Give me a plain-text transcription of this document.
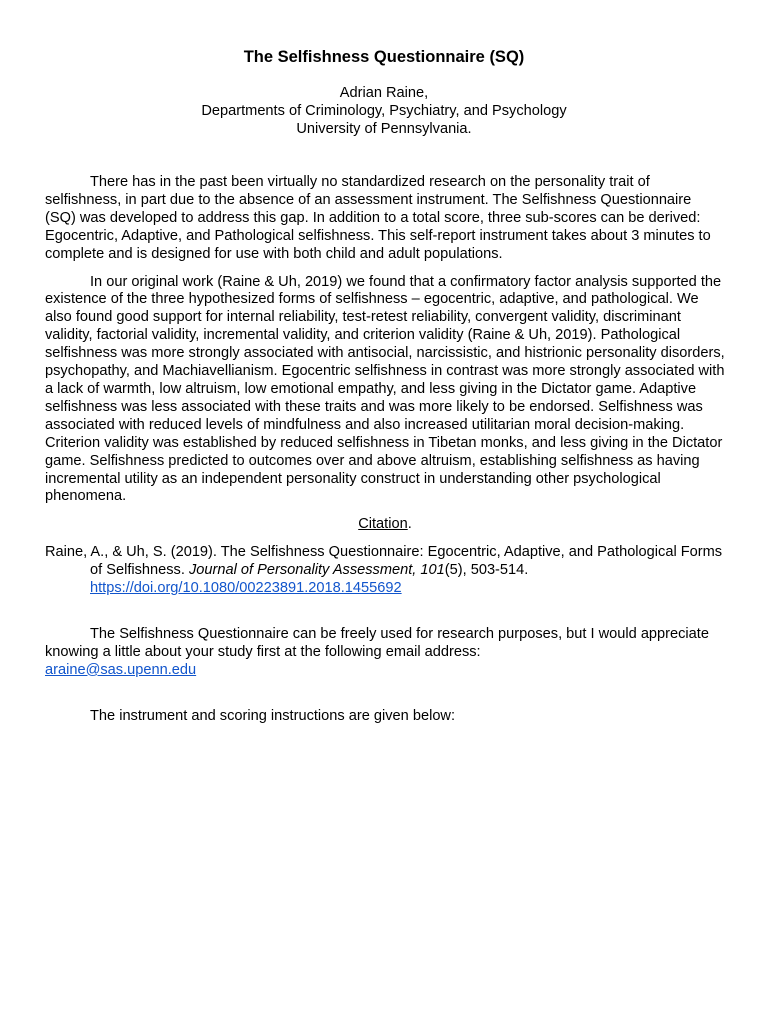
The Selfishness Questionnaire (SQ)
Adrian Raine,
Departments of Criminology, Psychiatry, and Psychology
University of Pennsylvania.

There has in the past been virtually no standardized research on the personality trait of selfishness, in part due to the absence of an assessment instrument. The Selfishness Questionnaire (SQ) was developed to address this gap. In addition to a total score, three sub-scores can be derived: Egocentric, Adaptive, and Pathological selfishness. This self-report instrument takes about 3 minutes to complete and is designed for use with both child and adult populations.

In our original work (Raine & Uh, 2019) we found that a confirmatory factor analysis supported the existence of the three hypothesized forms of selfishness – egocentric, adaptive, and pathological. We also found good support for internal reliability, test-retest reliability, convergent validity, discriminant validity, factorial validity, incremental validity, and criterion validity (Raine & Uh, 2019). Pathological selfishness was more strongly associated with antisocial, narcissistic, and histrionic personality disorders, psychopathy, and Machiavellianism. Egocentric selfishness in contrast was more strongly associated with a lack of warmth, low altruism, low emotional empathy, and less giving in the Dictator game. Adaptive selfishness was less associated with these traits and was more likely to be endorsed. Selfishness was associated with reduced levels of mindfulness and also increased utilitarian moral decision-making. Criterion validity was established by reduced selfishness in Tibetan monks, and less giving in the Dictator game. Selfishness predicted to outcomes over and above altruism, establishing selfishness as having incremental utility as an independent personality construct in understanding other psychological phenomena.

Citation.

Raine, A., & Uh, S. (2019). The Selfishness Questionnaire: Egocentric, Adaptive, and Pathological Forms of Selfishness. Journal of Personality Assessment, 101(5), 503-514. https://doi.org/10.1080/00223891.2018.1455692

The Selfishness Questionnaire can be freely used for research purposes, but I would appreciate knowing a little about your study first at the following email address:
araine@sas.upenn.edu

The instrument and scoring instructions are given below:
